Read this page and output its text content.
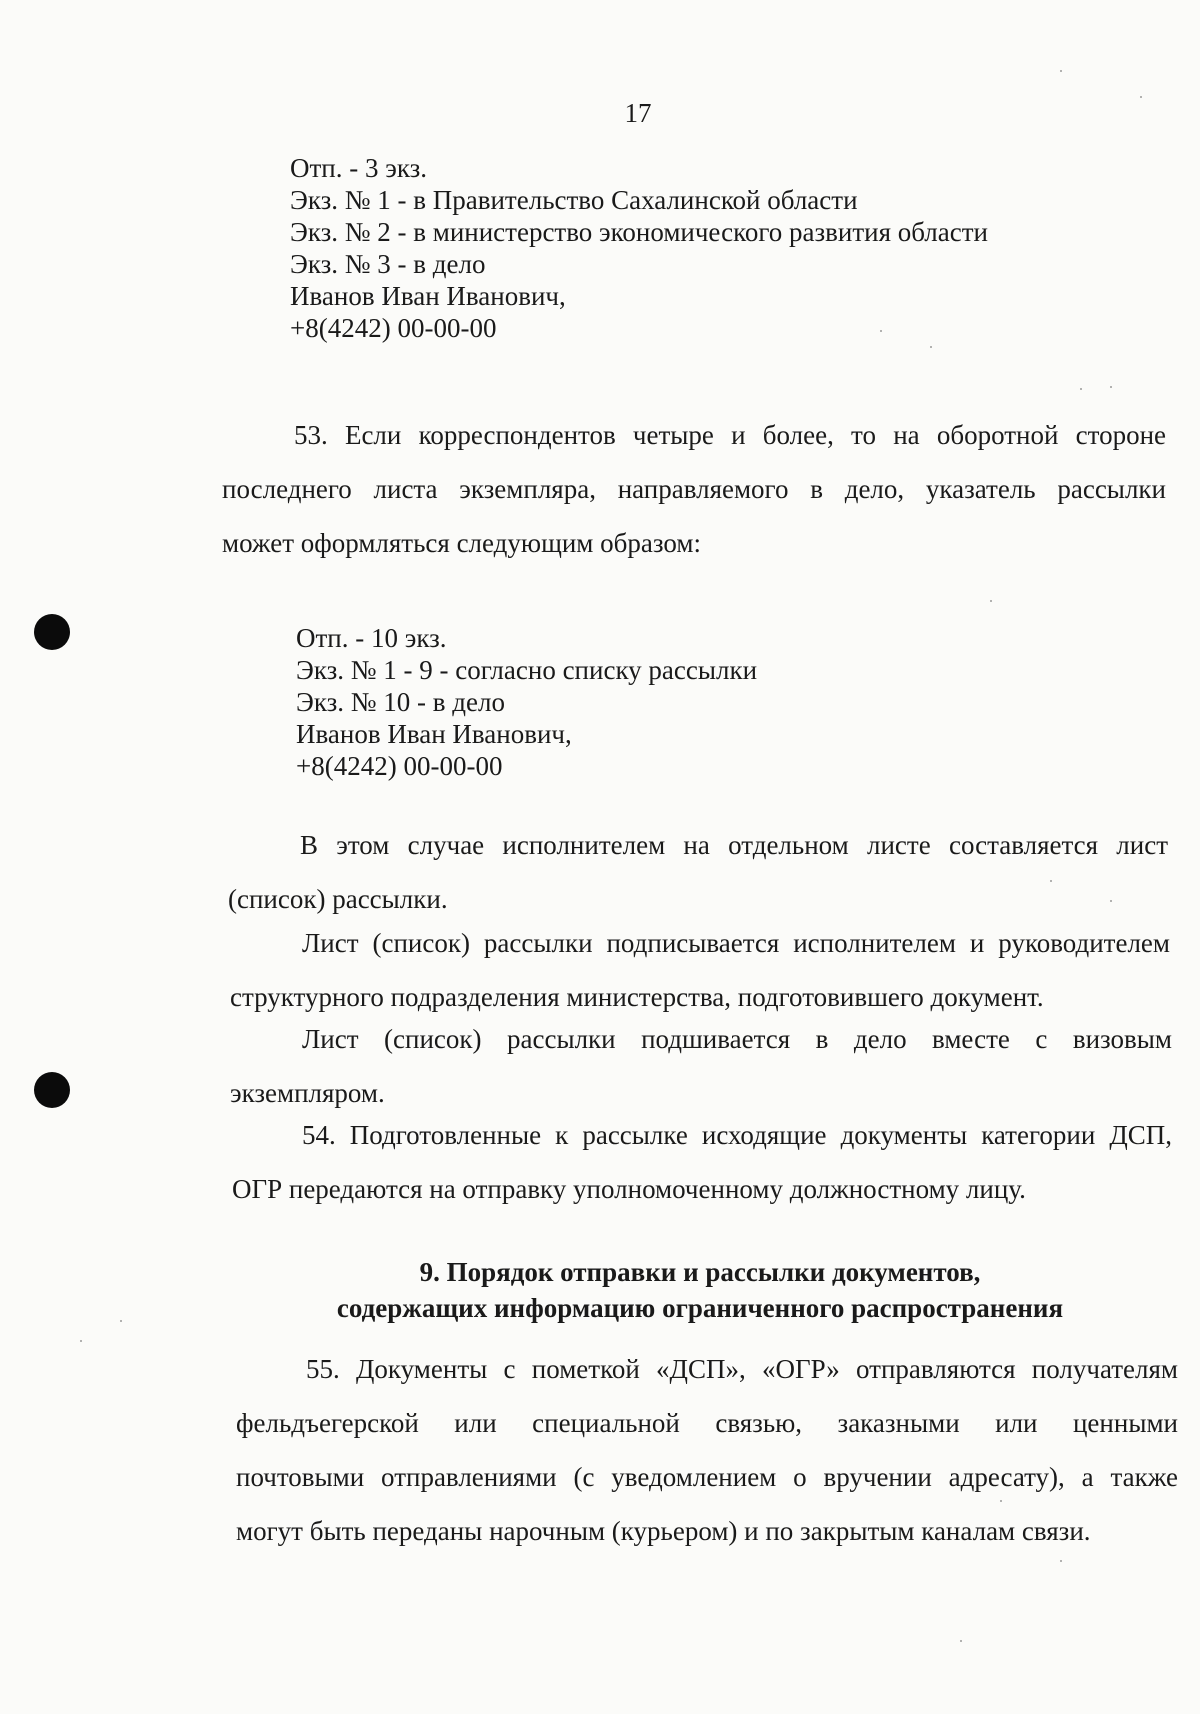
17
Отп. - 3 экз.
Экз. № 1 - в Правительство Сахалинской области
Экз. № 2 - в министерство экономического развития области
Экз. № 3 - в дело
Иванов Иван Иванович,
+8(4242) 00-00-00
53. Если корреспондентов четыре и более, то на оборотной стороне
последнего листа экземпляра, направляемого в дело, указатель рассылки
может оформляться следующим образом:
Отп. - 10 экз.
Экз. № 1 - 9 - согласно списку рассылки
Экз. № 10 - в дело
Иванов Иван Иванович,
+8(4242) 00-00-00
В этом случае исполнителем на отдельном листе составляется лист
(список) рассылки.
Лист (список) рассылки подписывается исполнителем и руководителем
структурного подразделения министерства, подготовившего документ.
Лист (список) рассылки подшивается в дело вместе с визовым
экземпляром.
54. Подготовленные к рассылке исходящие документы категории ДСП,
ОГР передаются на отправку уполномоченному должностному лицу.
9. Порядок отправки и рассылки документов,
содержащих информацию ограниченного распространения
55. Документы с пометкой «ДСП», «ОГР» отправляются получателям
фельдъегерской или специальной связью, заказными или ценными
почтовыми отправлениями (с уведомлением о вручении адресату), а также
могут быть переданы нарочным (курьером) и по закрытым каналам связи.
